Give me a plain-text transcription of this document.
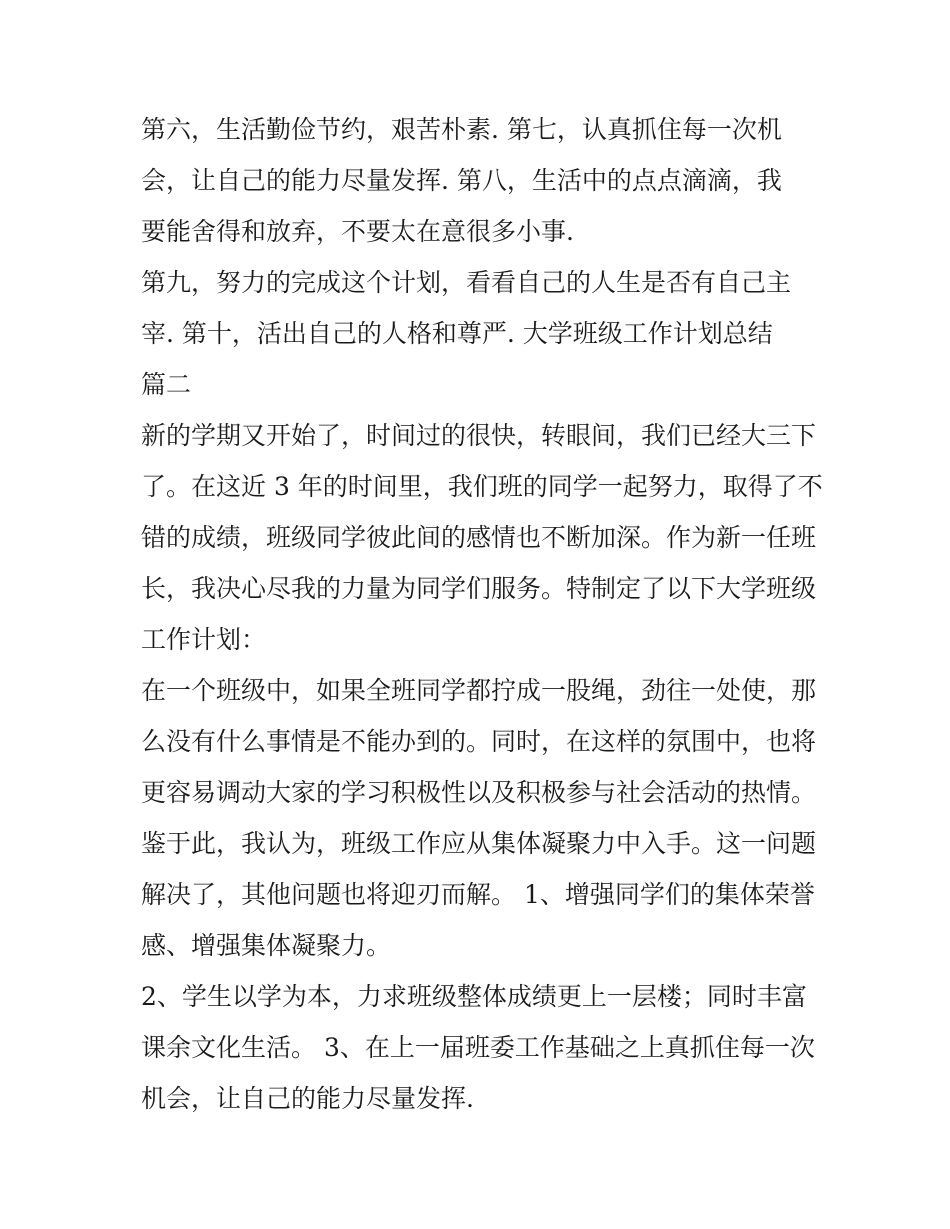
第六，生活勤俭节约，艰苦朴素. 第七，认真抓住每一次机
会，让自己的能力尽量发挥. 第八，生活中的点点滴滴，我
要能舍得和放弃，不要太在意很多小事.
第九，努力的完成这个计划，看看自己的人生是否有自己主
宰. 第十，活出自己的人格和尊严. 大学班级工作计划总结
篇二
新的学期又开始了，时间过的很快，转眼间，我们已经大三下
了。在这近 3 年的时间里，我们班的同学一起努力，取得了不
错的成绩，班级同学彼此间的感情也不断加深。作为新一任班
长，我决心尽我的力量为同学们服务。特制定了以下大学班级
工作计划：
在一个班级中，如果全班同学都拧成一股绳，劲往一处使，那
么没有什么事情是不能办到的。同时，在这样的氛围中，也将
更容易调动大家的学习积极性以及积极参与社会活动的热情。
鉴于此，我认为，班级工作应从集体凝聚力中入手。这一问题
解决了，其他问题也将迎刃而解。 1、增强同学们的集体荣誉
感、增强集体凝聚力。
2、学生以学为本，力求班级整体成绩更上一层楼；同时丰富
课余文化生活。 3、在上一届班委工作基础之上真抓住每一次
机会，让自己的能力尽量发挥.
